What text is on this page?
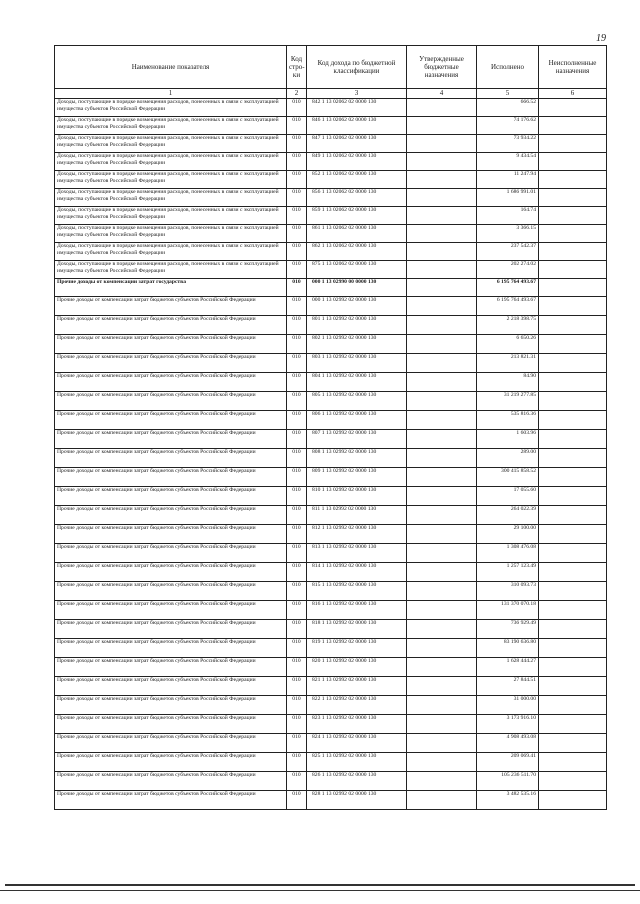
19
Наименование показателя	Код стро-ки	Код дохода по бюджетной классификации	Утвержденные бюджетные назначения	Исполнено	Неисполненные назначения
1	2	3	4	5	6
Доходы, поступающие в порядке возмещения расходов, понесенных в связи с эксплуатацией имущества субъектов Российской Федерации	010	842 1 13 02062 02 0000 130		666.52	
Доходы, поступающие в порядке возмещения расходов, понесенных в связи с эксплуатацией имущества субъектов Российской Федерации	010	846 1 13 02062 02 0000 130		74 176.62	
Доходы, поступающие в порядке возмещения расходов, понесенных в связи с эксплуатацией имущества субъектов Российской Федерации	010	847 1 13 02062 02 0000 130		73 934.22	
Доходы, поступающие в порядке возмещения расходов, понесенных в связи с эксплуатацией имущества субъектов Российской Федерации	010	849 1 13 02062 02 0000 130		9 434.54	
Доходы, поступающие в порядке возмещения расходов, понесенных в связи с эксплуатацией имущества субъектов Российской Федерации	010	852 1 13 02062 02 0000 130		11 247.94	
Доходы, поступающие в порядке возмещения расходов, понесенных в связи с эксплуатацией имущества субъектов Российской Федерации	010	856 1 13 02062 02 0000 130		1 686 991.01	
Доходы, поступающие в порядке возмещения расходов, понесенных в связи с эксплуатацией имущества субъектов Российской Федерации	010	859 1 13 02062 02 0000 130		164.74	
Доходы, поступающие в порядке возмещения расходов, понесенных в связи с эксплуатацией имущества субъектов Российской Федерации	010	861 1 13 02062 02 0000 130		3 366.15	
Доходы, поступающие в порядке возмещения расходов, понесенных в связи с эксплуатацией имущества субъектов Российской Федерации	010	862 1 13 02062 02 0000 130		237 542.37	
Доходы, поступающие в порядке возмещения расходов, понесенных в связи с эксплуатацией имущества субъектов Российской Федерации	010	875 1 13 02062 02 0000 130		202 274.02	
Прочие доходы от компенсации затрат государства	010	000 1 13 02990 00 0000 130		6 195 764 493.67	
Прочие доходы от компенсации затрат бюджетов субъектов Российской Федерации	010	000 1 13 02992 02 0000 130		6 195 764 493.67	
Прочие доходы от компенсации затрат бюджетов субъектов Российской Федерации	010	801 1 13 02992 02 0000 130		2 218 398.75	
Прочие доходы от компенсации затрат бюджетов субъектов Российской Федерации	010	802 1 13 02992 02 0000 130		6 650.26	
Прочие доходы от компенсации затрат бюджетов субъектов Российской Федерации	010	803 1 13 02992 02 0000 130		213 821.31	
Прочие доходы от компенсации затрат бюджетов субъектов Российской Федерации	010	804 1 13 02992 02 0000 130		84.90	
Прочие доходы от компенсации затрат бюджетов субъектов Российской Федерации	010	805 1 13 02992 02 0000 130		31 219 277.85	
Прочие доходы от компенсации затрат бюджетов субъектов Российской Федерации	010	806 1 13 02992 02 0000 130		535 816.36	
Прочие доходы от компенсации затрат бюджетов субъектов Российской Федерации	010	807 1 13 02992 02 0000 130		1 603.96	
Прочие доходы от компенсации затрат бюджетов субъектов Российской Федерации	010	808 1 13 02992 02 0000 130		289.00	
Прочие доходы от компенсации затрат бюджетов субъектов Российской Федерации	010	809 1 13 02992 02 0000 130		300 415 858.52	
Прочие доходы от компенсации затрат бюджетов субъектов Российской Федерации	010	810 1 13 02992 02 0000 130		17 055.60	
Прочие доходы от компенсации затрат бюджетов субъектов Российской Федерации	010	811 1 13 02992 02 0000 130		264 022.39	
Прочие доходы от компенсации затрат бюджетов субъектов Российской Федерации	010	812 1 13 02992 02 0000 130		29 100.00	
Прочие доходы от компенсации затрат бюджетов субъектов Российской Федерации	010	813 1 13 02992 02 0000 130		1 308 476.08	
Прочие доходы от компенсации затрат бюджетов субъектов Российской Федерации	010	814 1 13 02992 02 0000 130		1 257 123.49	
Прочие доходы от компенсации затрат бюджетов субъектов Российской Федерации	010	815 1 13 02992 02 0000 130		310 093.73	
Прочие доходы от компенсации затрат бюджетов субъектов Российской Федерации	010	816 1 13 02992 02 0000 130		131 370 070.18	
Прочие доходы от компенсации затрат бюджетов субъектов Российской Федерации	010	818 1 13 02992 02 0000 130		736 929.49	
Прочие доходы от компенсации затрат бюджетов субъектов Российской Федерации	010	819 1 13 02992 02 0000 130		83 190 636.80	
Прочие доходы от компенсации затрат бюджетов субъектов Российской Федерации	010	820 1 13 02992 02 0000 130		1 628 444.27	
Прочие доходы от компенсации затрат бюджетов субъектов Российской Федерации	010	821 1 13 02992 02 0000 130		27 844.51	
Прочие доходы от компенсации затрат бюджетов субъектов Российской Федерации	010	822 1 13 02992 02 0000 130		31 000.00	
Прочие доходы от компенсации затрат бюджетов субъектов Российской Федерации	010	823 1 13 02992 02 0000 130		3 173 916.10	
Прочие доходы от компенсации затрат бюджетов субъектов Российской Федерации	010	824 1 13 02992 02 0000 130		4 908 493.08	
Прочие доходы от компенсации затрат бюджетов субъектов Российской Федерации	010	825 1 13 02992 02 0000 130		209 069.41	
Прочие доходы от компенсации затрат бюджетов субъектов Российской Федерации	010	826 1 13 02992 02 0000 130		105 236 511.70	
Прочие доходы от компенсации затрат бюджетов субъектов Российской Федерации	010	828 1 13 02992 02 0000 130		3 482 535.16	
